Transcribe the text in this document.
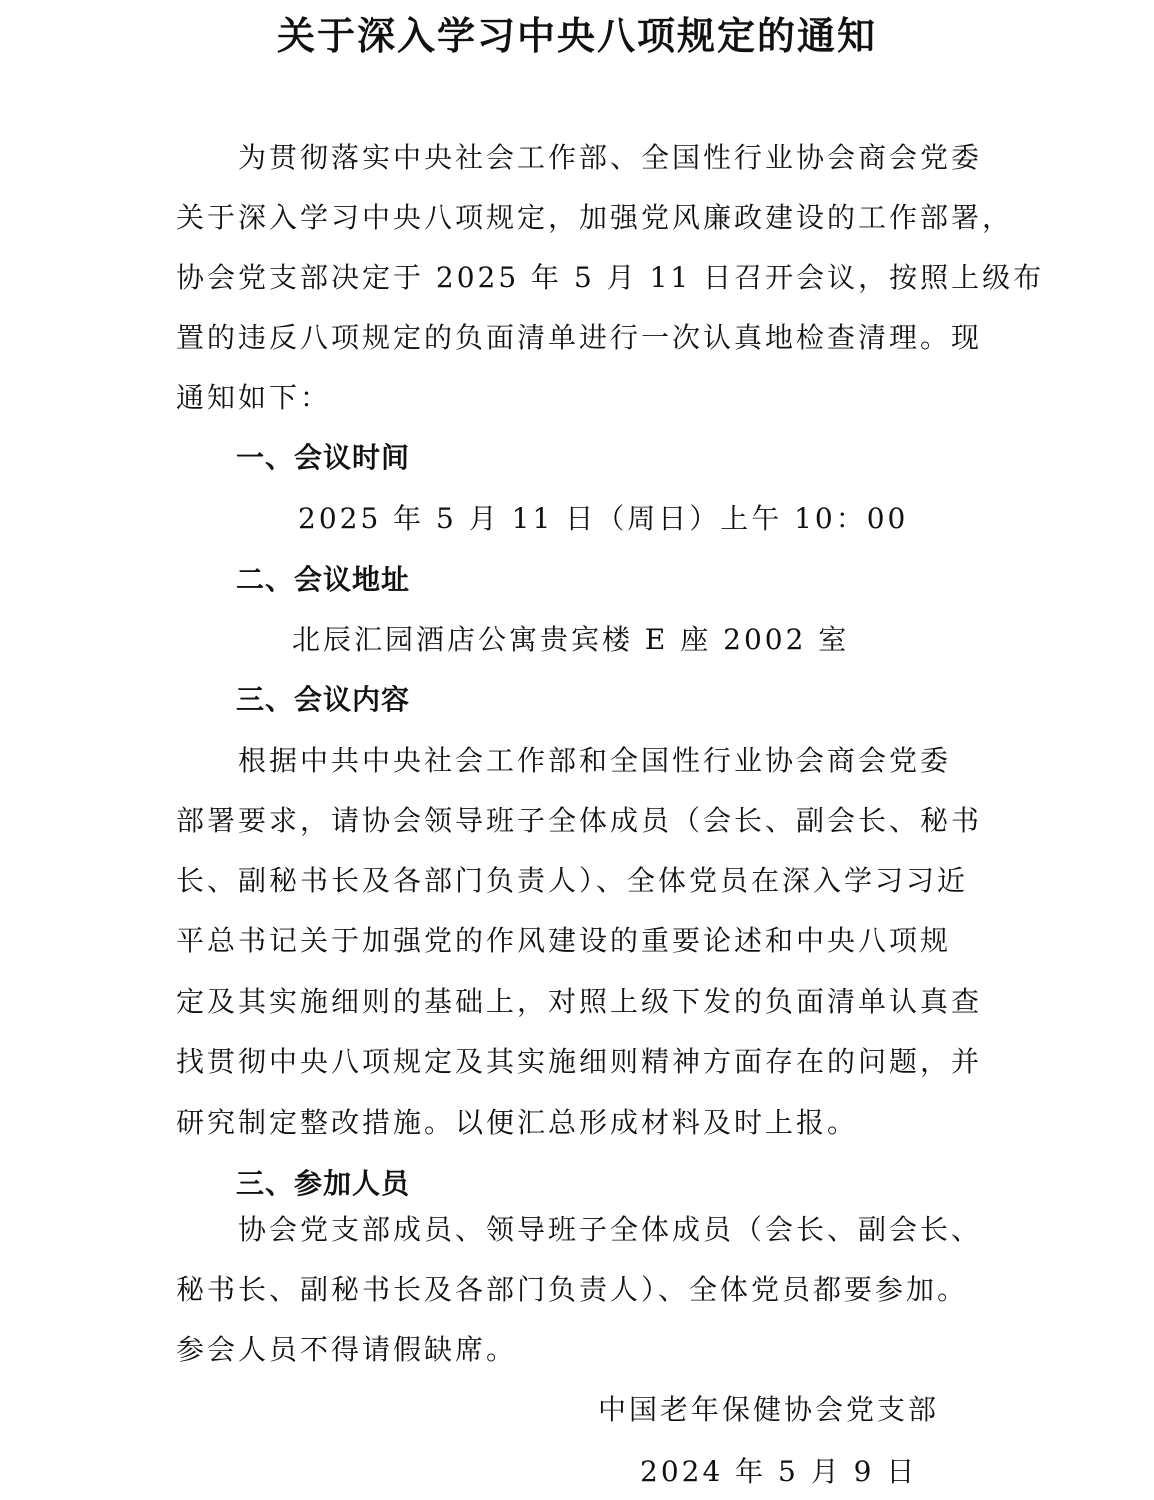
关于深入学习中央八项规定的通知
为贯彻落实中央社会工作部、全国性行业协会商会党委
关于深入学习中央八项规定，加强党风廉政建设的工作部署，
协会党支部决定于 2025 年 5 月 11 日召开会议，按照上级布
置的违反八项规定的负面清单进行一次认真地检查清理。现
通知如下：
一、会议时间
2025 年 5 月 11 日（周日）上午 10：00
二、会议地址
北辰汇园酒店公寓贵宾楼 E 座 2002 室
三、会议内容
根据中共中央社会工作部和全国性行业协会商会党委
部署要求，请协会领导班子全体成员（会长、副会长、秘书
长、副秘书长及各部门负责人）、全体党员在深入学习习近
平总书记关于加强党的作风建设的重要论述和中央八项规
定及其实施细则的基础上，对照上级下发的负面清单认真查
找贯彻中央八项规定及其实施细则精神方面存在的问题，并
研究制定整改措施。以便汇总形成材料及时上报。
三、参加人员
协会党支部成员、领导班子全体成员（会长、副会长、
秘书长、副秘书长及各部门负责人）、全体党员都要参加。
参会人员不得请假缺席。
中国老年保健协会党支部
2024 年 5 月 9 日
